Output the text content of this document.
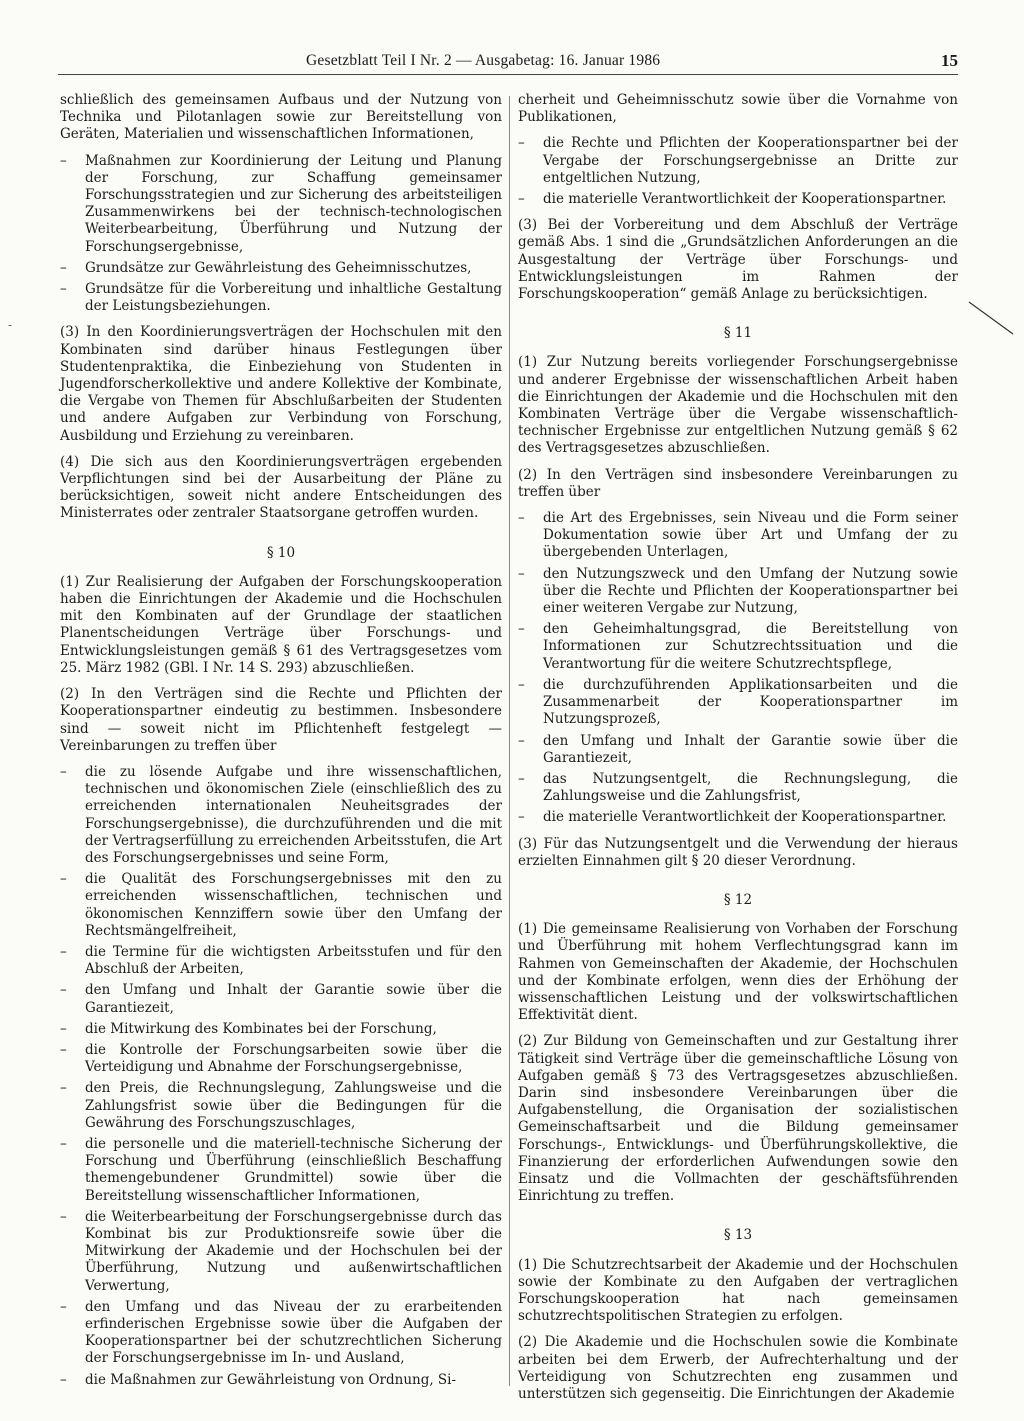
Gesetzblatt Teil I Nr. 2 — Ausgabetag: 16. Januar 1986	15
schließlich des gemeinsamen Aufbaus und der Nutzung von Technika und Pilotanlagen sowie zur Bereitstellung von Geräten, Materialien und wissenschaftlichen Informationen,
– Maßnahmen zur Koordinierung der Leitung und Planung der Forschung, zur Schaffung gemeinsamer Forschungsstrategien und zur Sicherung des arbeitsteiligen Zusammenwirkens bei der technisch-technologischen Weiterbearbeitung, Überführung und Nutzung der Forschungsergebnisse,
– Grundsätze zur Gewährleistung des Geheimnisschutzes,
– Grundsätze für die Vorbereitung und inhaltliche Gestaltung der Leistungsbeziehungen.
(3) In den Koordinierungsverträgen der Hochschulen mit den Kombinaten sind darüber hinaus Festlegungen über Studentenpraktika, die Einbeziehung von Studenten in Jugendforscherkollektive und andere Kollektive der Kombinate, die Vergabe von Themen für Abschlußarbeiten der Studenten und andere Aufgaben zur Verbindung von Forschung, Ausbildung und Erziehung zu vereinbaren.
(4) Die sich aus den Koordinierungsverträgen ergebenden Verpflichtungen sind bei der Ausarbeitung der Pläne zu berücksichtigen, soweit nicht andere Entscheidungen des Ministerrates oder zentraler Staatsorgane getroffen wurden.
§ 10
(1) Zur Realisierung der Aufgaben der Forschungskooperation haben die Einrichtungen der Akademie und die Hochschulen mit den Kombinaten auf der Grundlage der staatlichen Planentscheidungen Verträge über Forschungs- und Entwicklungsleistungen gemäß § 61 des Vertragsgesetzes vom 25. März 1982 (GBl. I Nr. 14 S. 293) abzuschließen.
(2) In den Verträgen sind die Rechte und Pflichten der Kooperationspartner eindeutig zu bestimmen. Insbesondere sind — soweit nicht im Pflichtenheft festgelegt — Vereinbarungen zu treffen über
– die zu lösende Aufgabe und ihre wissenschaftlichen, technischen und ökonomischen Ziele (einschließlich des zu erreichenden internationalen Neuheitsgrades der Forschungsergebnisse), die durchzuführenden und die mit der Vertragserfüllung zu erreichenden Arbeitsstufen, die Art des Forschungsergebnisses und seine Form,
– die Qualität des Forschungsergebnisses mit den zu erreichenden wissenschaftlichen, technischen und ökonomischen Kennziffern sowie über den Umfang der Rechtsmängelfreiheit,
– die Termine für die wichtigsten Arbeitsstufen und für den Abschluß der Arbeiten,
– den Umfang und Inhalt der Garantie sowie über die Garantiezeit,
– die Mitwirkung des Kombinates bei der Forschung,
– die Kontrolle der Forschungsarbeiten sowie über die Verteidigung und Abnahme der Forschungsergebnisse,
– den Preis, die Rechnungslegung, Zahlungsweise und die Zahlungsfrist sowie über die Bedingungen für die Gewährung des Forschungszuschlages,
– die personelle und die materiell-technische Sicherung der Forschung und Überführung (einschließlich Beschaffung themengebundener Grundmittel) sowie über die Bereitstellung wissenschaftlicher Informationen,
– die Weiterbearbeitung der Forschungsergebnisse durch das Kombinat bis zur Produktionsreife sowie über die Mitwirkung der Akademie und der Hochschulen bei der Überführung, Nutzung und außenwirtschaftlichen Verwertung,
– den Umfang und das Niveau der zu erarbeitenden erfinderischen Ergebnisse sowie über die Aufgaben der Kooperationspartner bei der schutzrechtlichen Sicherung der Forschungsergebnisse im In- und Ausland,
– die Maßnahmen zur Gewährleistung von Ordnung, Si-
cherheit und Geheimnisschutz sowie über die Vornahme von Publikationen,
– die Rechte und Pflichten der Kooperationspartner bei der Vergabe der Forschungsergebnisse an Dritte zur entgeltlichen Nutzung,
– die materielle Verantwortlichkeit der Kooperationspartner.
(3) Bei der Vorbereitung und dem Abschluß der Verträge gemäß Abs. 1 sind die „Grundsätzlichen Anforderungen an die Ausgestaltung der Verträge über Forschungs- und Entwicklungsleistungen im Rahmen der Forschungskooperation“ gemäß Anlage zu berücksichtigen.
§ 11
(1) Zur Nutzung bereits vorliegender Forschungsergebnisse und anderer Ergebnisse der wissenschaftlichen Arbeit haben die Einrichtungen der Akademie und die Hochschulen mit den Kombinaten Verträge über die Vergabe wissenschaftlich-technischer Ergebnisse zur entgeltlichen Nutzung gemäß § 62 des Vertragsgesetzes abzuschließen.
(2) In den Verträgen sind insbesondere Vereinbarungen zu treffen über
– die Art des Ergebnisses, sein Niveau und die Form seiner Dokumentation sowie über Art und Umfang der zu übergebenden Unterlagen,
– den Nutzungszweck und den Umfang der Nutzung sowie über die Rechte und Pflichten der Kooperationspartner bei einer weiteren Vergabe zur Nutzung,
– den Geheimhaltungsgrad, die Bereitstellung von Informationen zur Schutzrechtssituation und die Verantwortung für die weitere Schutzrechtspflege,
– die durchzuführenden Applikationsarbeiten und die Zusammenarbeit der Kooperationspartner im Nutzungsprozeß,
– den Umfang und Inhalt der Garantie sowie über die Garantiezeit,
– das Nutzungsentgelt, die Rechnungslegung, die Zahlungsweise und die Zahlungsfrist,
– die materielle Verantwortlichkeit der Kooperationspartner.
(3) Für das Nutzungsentgelt und die Verwendung der hieraus erzielten Einnahmen gilt § 20 dieser Verordnung.
§ 12
(1) Die gemeinsame Realisierung von Vorhaben der Forschung und Überführung mit hohem Verflechtungsgrad kann im Rahmen von Gemeinschaften der Akademie, der Hochschulen und der Kombinate erfolgen, wenn dies der Erhöhung der wissenschaftlichen Leistung und der volkswirtschaftlichen Effektivität dient.
(2) Zur Bildung von Gemeinschaften und zur Gestaltung ihrer Tätigkeit sind Verträge über die gemeinschaftliche Lösung von Aufgaben gemäß § 73 des Vertragsgesetzes abzuschließen. Darin sind insbesondere Vereinbarungen über die Aufgabenstellung, die Organisation der sozialistischen Gemeinschaftsarbeit und die Bildung gemeinsamer Forschungs-, Entwicklungs- und Überführungskollektive, die Finanzierung der erforderlichen Aufwendungen sowie den Einsatz und die Vollmachten der geschäftsführenden Einrichtung zu treffen.
§ 13
(1) Die Schutzrechtsarbeit der Akademie und der Hochschulen sowie der Kombinate zu den Aufgaben der vertraglichen Forschungskooperation hat nach gemeinsamen schutzrechtspolitischen Strategien zu erfolgen.
(2) Die Akademie und die Hochschulen sowie die Kombinate arbeiten bei dem Erwerb, der Aufrechterhaltung und der Verteidigung von Schutzrechten eng zusammen und unterstützen sich gegenseitig. Die Einrichtungen der Akademie
-
